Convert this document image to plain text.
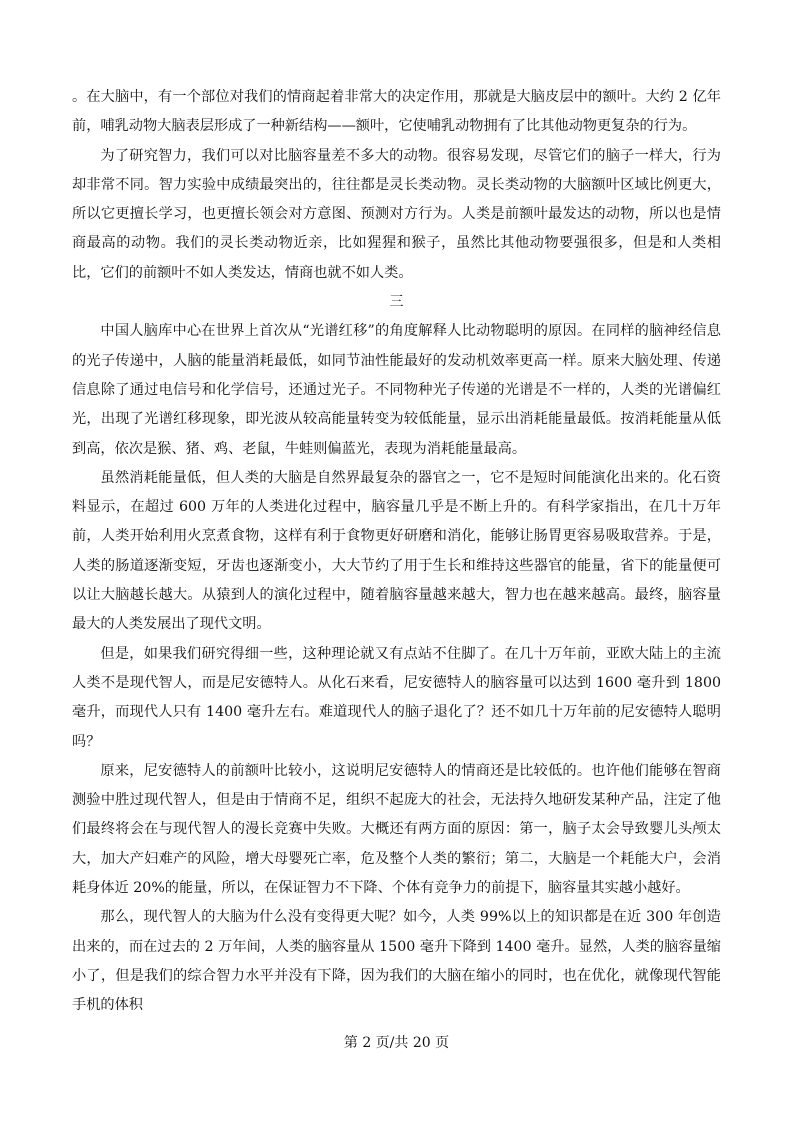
。在大脑中，有一个部位对我们的情商起着非常大的决定作用，那就是大脑皮层中的额叶。大约 2 亿年前，哺乳动物大脑表层形成了一种新结构——额叶，它使哺乳动物拥有了比其他动物更复杂的行为。

为了研究智力，我们可以对比脑容量差不多大的动物。很容易发现，尽管它们的脑子一样大，行为却非常不同。智力实验中成绩最突出的，往往都是灵长类动物。灵长类动物的大脑额叶区域比例更大，所以它更擅长学习，也更擅长领会对方意图、预测对方行为。人类是前额叶最发达的动物，所以也是情商最高的动物。我们的灵长类动物近亲，比如猩猩和猴子，虽然比其他动物要强很多，但是和人类相比，它们的前额叶不如人类发达，情商也就不如人类。

三

中国人脑库中心在世界上首次从“光谱红移”的角度解释人比动物聪明的原因。在同样的脑神经信息的光子传递中，人脑的能量消耗最低，如同节油性能最好的发动机效率更高一样。原来大脑处理、传递信息除了通过电信号和化学信号，还通过光子。不同物种光子传递的光谱是不一样的，人类的光谱偏红光，出现了光谱红移现象，即光波从较高能量转变为较低能量，显示出消耗能量最低。按消耗能量从低到高，依次是猴、猪、鸡、老鼠，牛蛙则偏蓝光，表现为消耗能量最高。

虽然消耗能量低，但人类的大脑是自然界最复杂的器官之一，它不是短时间能演化出来的。化石资料显示，在超过 600 万年的人类进化过程中，脑容量几乎是不断上升的。有科学家指出，在几十万年前，人类开始利用火烹煮食物，这样有利于食物更好研磨和消化，能够让肠胃更容易吸取营养。于是，人类的肠道逐渐变短，牙齿也逐渐变小，大大节约了用于生长和维持这些器官的能量，省下的能量便可以让大脑越长越大。从猿到人的演化过程中，随着脑容量越来越大，智力也在越来越高。最终，脑容量最大的人类发展出了现代文明。

但是，如果我们研究得细一些，这种理论就又有点站不住脚了。在几十万年前，亚欧大陆上的主流人类不是现代智人，而是尼安德特人。从化石来看，尼安德特人的脑容量可以达到 1600 毫升到 1800 毫升，而现代人只有 1400 毫升左右。难道现代人的脑子退化了？还不如几十万年前的尼安德特人聪明吗？

原来，尼安德特人的前额叶比较小，这说明尼安德特人的情商还是比较低的。也许他们能够在智商测验中胜过现代智人，但是由于情商不足，组织不起庞大的社会，无法持久地研发某种产品，注定了他们最终将会在与现代智人的漫长竞赛中失败。大概还有两方面的原因：第一，脑子太会导致婴儿头颅太大，加大产妇难产的风险，增大母婴死亡率，危及整个人类的繁衍；第二，大脑是一个耗能大户，会消耗身体近 20%的能量，所以，在保证智力不下降、个体有竞争力的前提下，脑容量其实越小越好。

那么，现代智人的大脑为什么没有变得更大呢？如今，人类 99%以上的知识都是在近 300 年创造出来的，而在过去的 2 万年间，人类的脑容量从 1500 毫升下降到 1400 毫升。显然，人类的脑容量缩小了，但是我们的综合智力水平并没有下降，因为我们的大脑在缩小的同时，也在优化，就像现代智能手机的体积

第 2 页/共 20 页
